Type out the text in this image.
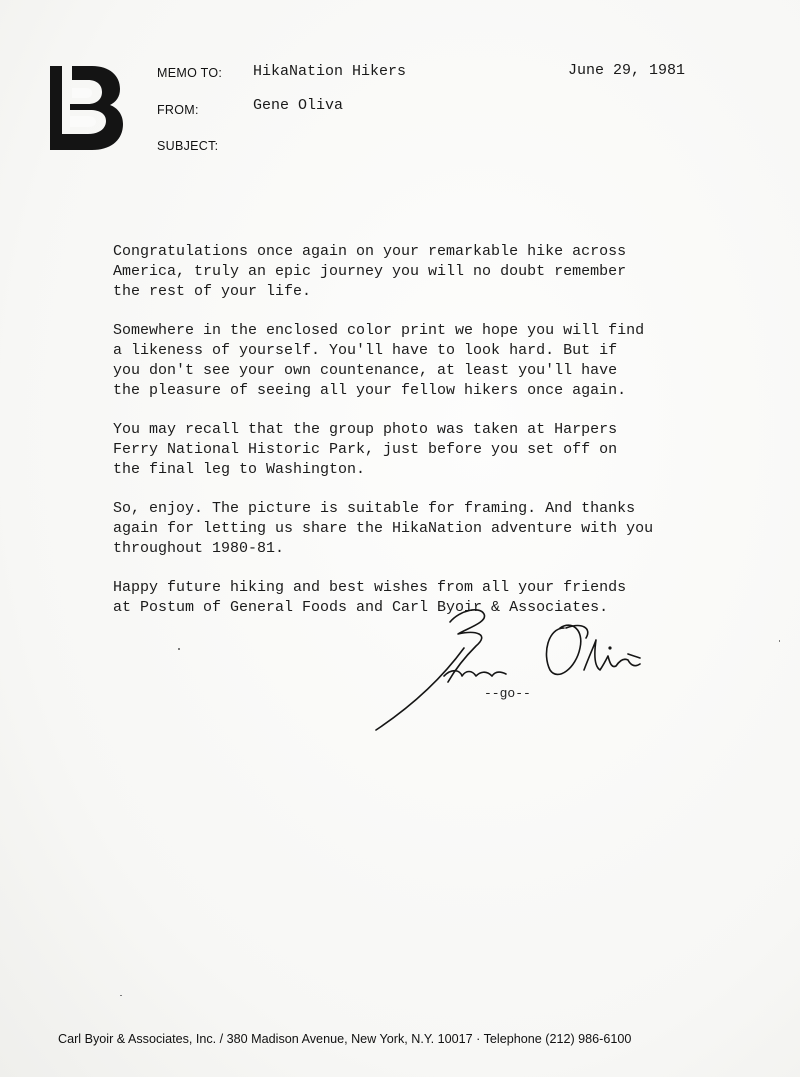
MEMO TO: HikaNation Hikers	June 29, 1981
FROM:	Gene Oliva
SUBJECT:

Congratulations once again on your remarkable hike across
America, truly an epic journey you will no doubt remember
the rest of your life.

Somewhere in the enclosed color print we hope you will find
a likeness of yourself. You'll have to look hard. But if
you don't see your own countenance, at least you'll have
the pleasure of seeing all your fellow hikers once again.

You may recall that the group photo was taken at Harpers
Ferry National Historic Park, just before you set off on
the final leg to Washington.

So, enjoy. The picture is suitable for framing. And thanks
again for letting us share the HikaNation adventure with you
throughout 1980-81.

Happy future hiking and best wishes from all your friends
at Postum of General Foods and Carl Byoir & Associates.

--go--
Carl Byoir & Associates, Inc. / 380 Madison Avenue, New York, N.Y. 10017 · Telephone (212) 986-6100
